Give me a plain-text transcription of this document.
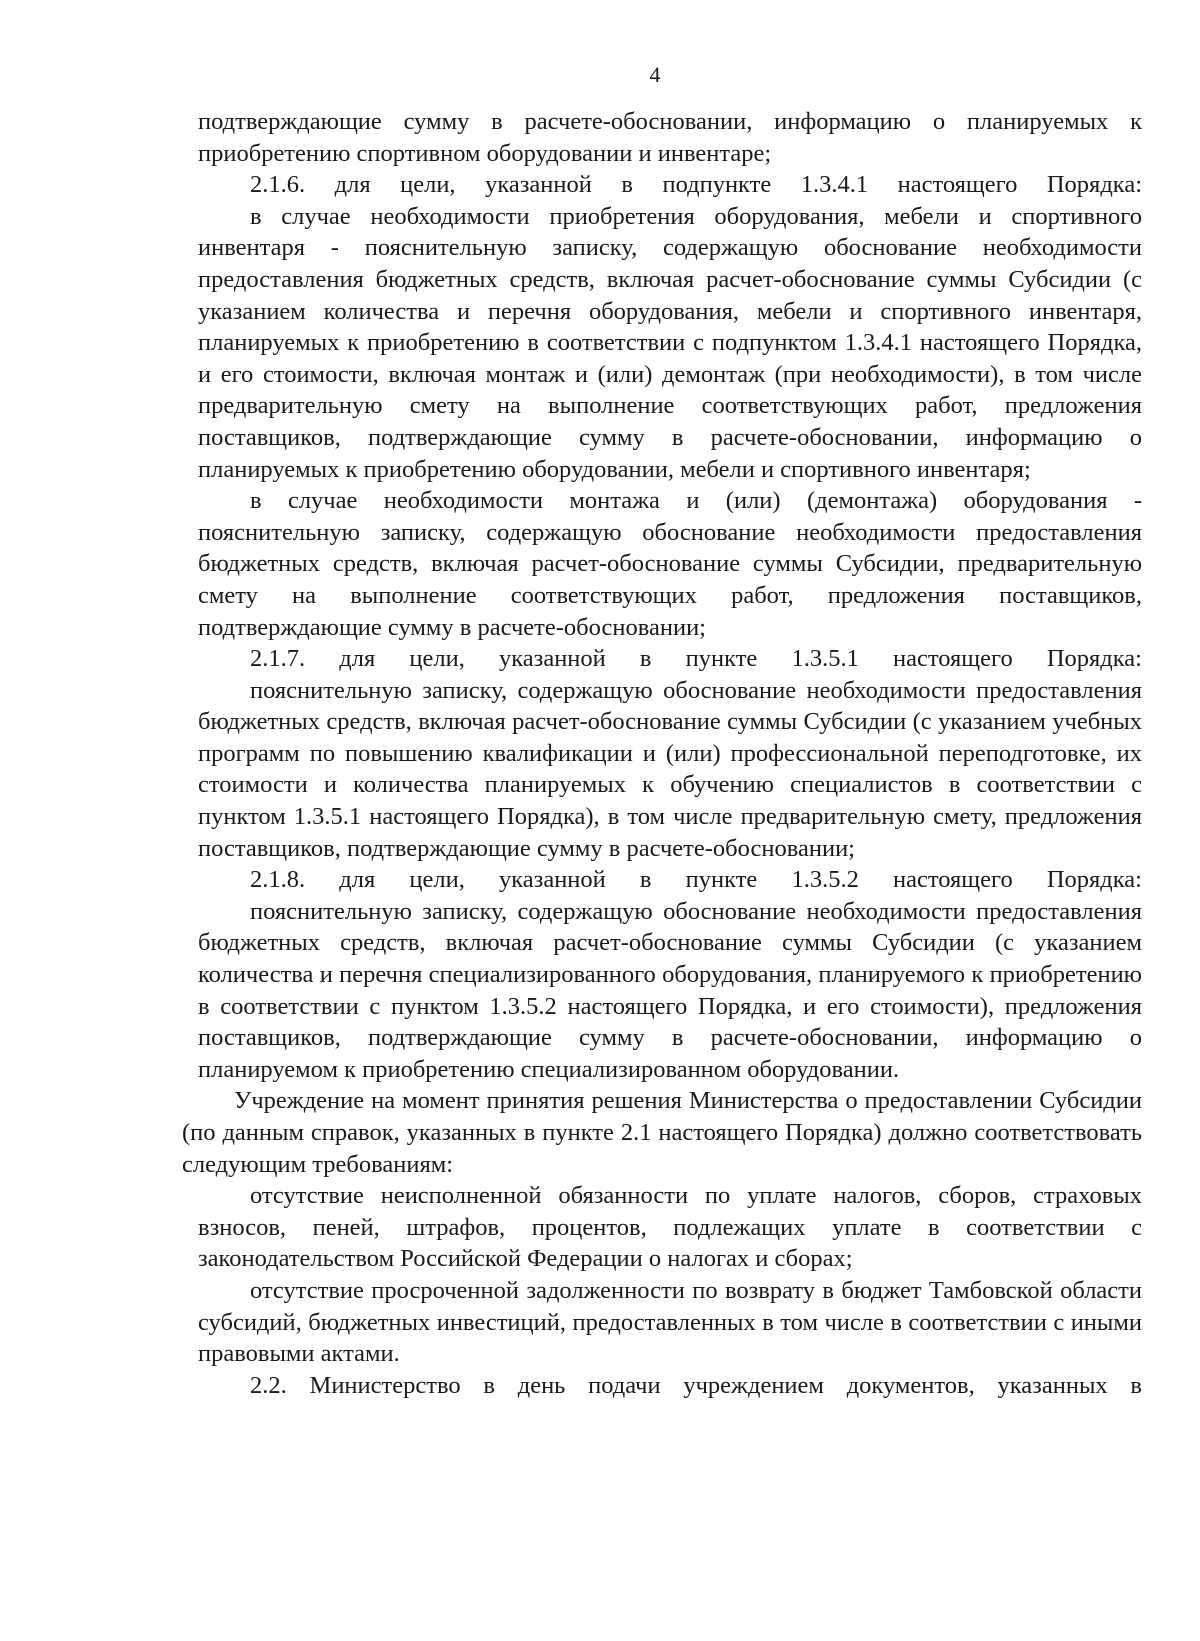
4

подтверждающие сумму в расчете-обосновании, информацию о планируемых к приобретению спортивном оборудовании и инвентаре;

2.1.6. для цели, указанной в подпункте 1.3.4.1 настоящего Порядка:

в случае необходимости приобретения оборудования, мебели и спортивного инвентаря - пояснительную записку, содержащую обоснование необходимости предоставления бюджетных средств, включая расчет-обоснование суммы Субсидии (с указанием количества и перечня оборудования, мебели и спортивного инвентаря, планируемых к приобретению в соответствии с подпунктом 1.3.4.1 настоящего Порядка, и его стоимости, включая монтаж и (или) демонтаж (при необходимости), в том числе предварительную смету на выполнение соответствующих работ, предложения поставщиков, подтверждающие сумму в расчете-обосновании, информацию о планируемых к приобретению оборудовании, мебели и спортивного инвентаря;

в случае необходимости монтажа и (или) (демонтажа) оборудования - пояснительную записку, содержащую обоснование необходимости предоставления бюджетных средств, включая расчет-обоснование суммы Субсидии, предварительную смету на выполнение соответствующих работ, предложения поставщиков, подтверждающие сумму в расчете-обосновании;

2.1.7. для цели, указанной в пункте 1.3.5.1 настоящего Порядка:

пояснительную записку, содержащую обоснование необходимости предоставления бюджетных средств, включая расчет-обоснование суммы Субсидии (с указанием учебных программ по повышению квалификации и (или) профессиональной переподготовке, их стоимости и количества планируемых к обучению специалистов в соответствии с пунктом 1.3.5.1 настоящего Порядка), в том числе предварительную смету, предложения поставщиков, подтверждающие сумму в расчете-обосновании;

2.1.8. для цели, указанной в пункте 1.3.5.2 настоящего Порядка:

пояснительную записку, содержащую обоснование необходимости предоставления бюджетных средств, включая расчет-обоснование суммы Субсидии (с указанием количества и перечня специализированного оборудования, планируемого к приобретению в соответствии с пунктом 1.3.5.2 настоящего Порядка, и его стоимости), предложения поставщиков, подтверждающие сумму в расчете-обосновании, информацию о планируемом к приобретению специализированном оборудовании.

Учреждение на момент принятия решения Министерства о предоставлении Субсидии (по данным справок, указанных в пункте 2.1 настоящего Порядка) должно соответствовать следующим требованиям:

отсутствие неисполненной обязанности по уплате налогов, сборов, страховых взносов, пеней, штрафов, процентов, подлежащих уплате в соответствии с законодательством Российской Федерации о налогах и сборах;

отсутствие просроченной задолженности по возврату в бюджет Тамбовской области субсидий, бюджетных инвестиций, предоставленных в том числе в соответствии с иными правовыми актами.

2.2. Министерство в день подачи учреждением документов, указанных в
